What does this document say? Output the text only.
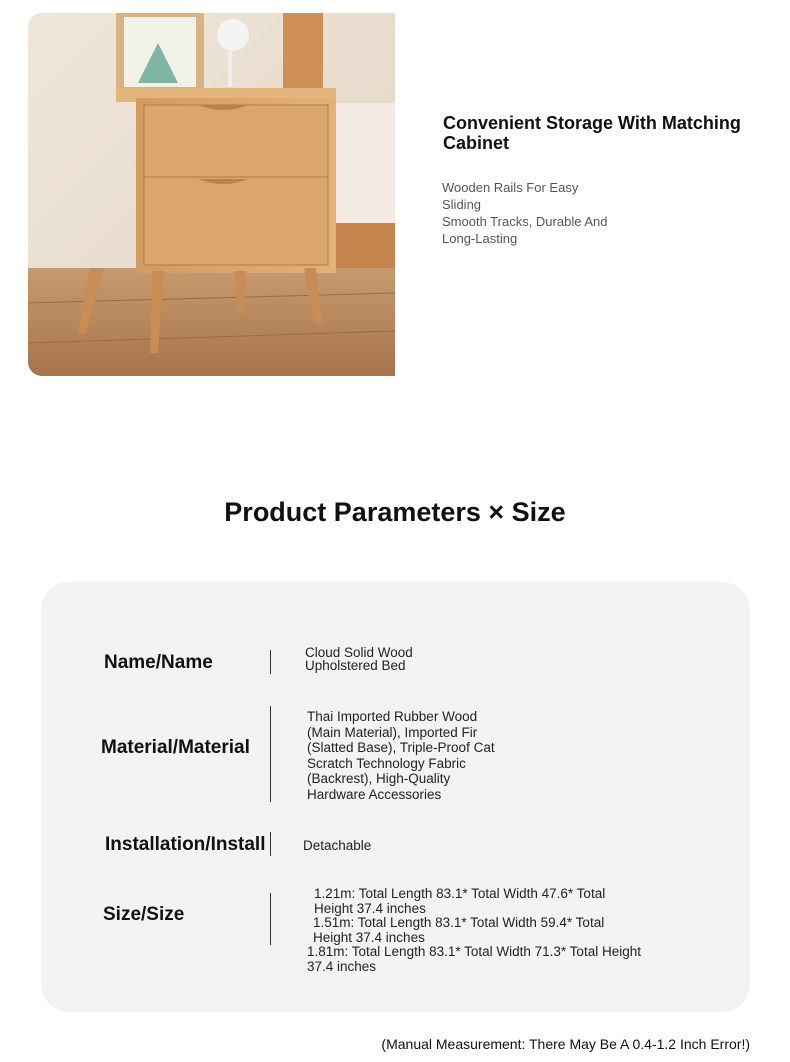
Convenient Storage With Matching Cabinet
Wooden Rails For Easy
Sliding
Smooth Tracks, Durable And
Long-Lasting
Product Parameters × Size
Name/Name	Cloud Solid Wood
Upholstered Bed
Material/Material
Thai Imported Rubber Wood
(Main Material), Imported Fir
(Slatted Base), Triple-Proof Cat
Scratch Technology Fabric
(Backrest), High-Quality
Hardware Accessories
Installation/Install	Detachable
Size/Size
1.21m: Total Length 83.1* Total Width 47.6* Total
Height 37.4 inches
1.51m: Total Length 83.1* Total Width 59.4* Total
Height 37.4 inches
1.81m: Total Length 83.1* Total Width 71.3* Total Height
37.4 inches
(Manual Measurement: There May Be A 0.4-1.2 Inch Error!)
